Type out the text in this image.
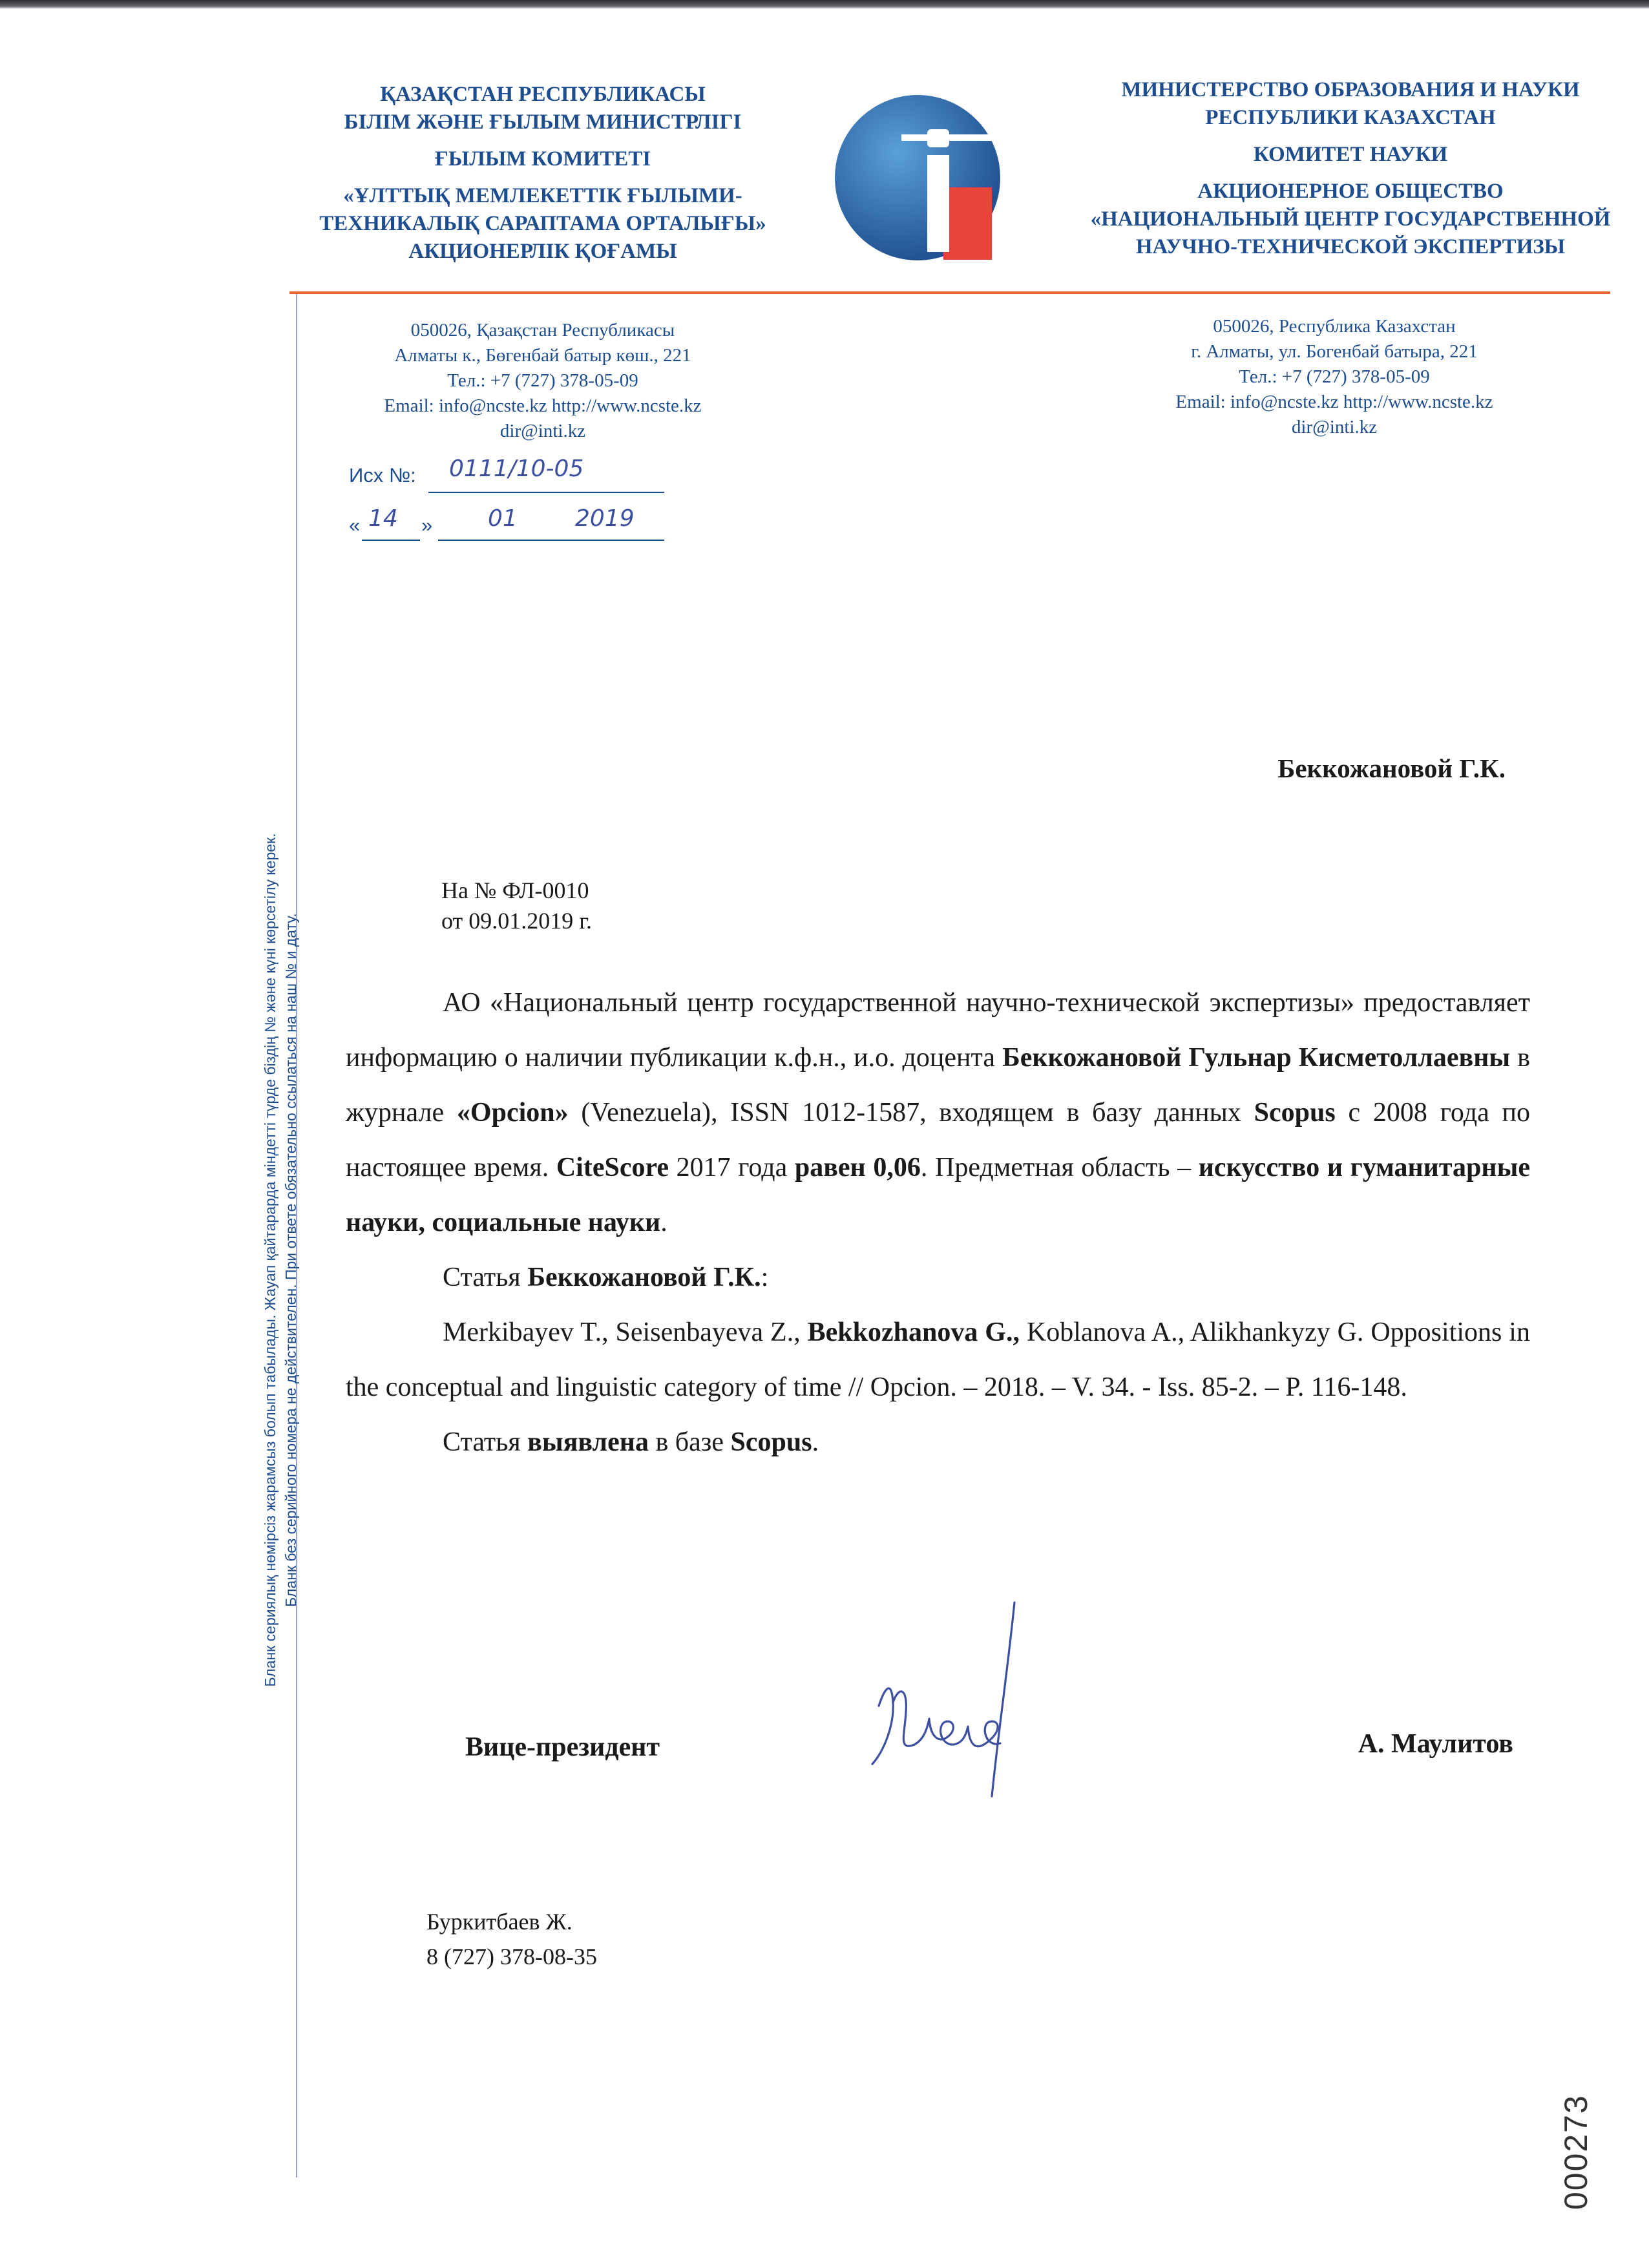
ҚАЗАҚСТАН РЕСПУБЛИКАСЫ
БІЛІМ ЖӘНЕ ҒЫЛЫМ МИНИСТРЛІГІ
ҒЫЛЫМ КОМИТЕТІ
«ҰЛТТЫҚ МЕМЛЕКЕТТІК ҒЫЛЫМИ-
ТЕХНИКАЛЫҚ САРАПТАМА ОРТАЛЫҒЫ»
АКЦИОНЕРЛІК ҚОҒАМЫ
МИНИСТЕРСТВО ОБРАЗОВАНИЯ И НАУКИ
РЕСПУБЛИКИ КАЗАХСТАН
КОМИТЕТ НАУКИ
АКЦИОНЕРНОЕ ОБЩЕСТВО
«НАЦИОНАЛЬНЫЙ ЦЕНТР ГОСУДАРСТВЕННОЙ
НАУЧНО-ТЕХНИЧЕСКОЙ ЭКСПЕРТИЗЫ
050026, Қазақстан Республикасы
Алматы к., Бөгенбай батыр көш., 221
Тел.: +7 (727) 378-05-09
Email: info@ncste.kz http://www.ncste.kz
dir@inti.kz
050026, Республика Казахстан
г. Алматы, ул. Богенбай батыра, 221
Тел.: +7 (727) 378-05-09
Email: info@ncste.kz http://www.ncste.kz
dir@inti.kz
Исх №: 0111/10-05
«	»
14	01 2019
Беккожановой Г.К.
На № ФЛ-0010
от 09.01.2019 г.

АО «Национальный центр государственной научно-технической экспертизы» предоставляет информацию о наличии публикации к.ф.н., и.о. доцента Беккожановой Гульнар Кисметоллаевны в журнале «Opcion» (Venezuela), ISSN 1012-1587, входящем в базу данных Scopus с 2008 года по настоящее время. CiteScore 2017 года равен 0,06. Предметная область – искусство и гуманитарные науки, социальные науки.

Статья Беккожановой Г.К.:

Merkibayev T., Seisenbayeva Z., Bekkozhanova G., Koblanova A., Alikhankyzy G. Oppositions in the conceptual and linguistic category of time // Opcion. – 2018. – V. 34. - Iss. 85-2. – P. 116-148.

Статья выявлена в базе Scopus.

Вице-президент	А. Маулитов
Буркитбаев Ж.
8 (727) 378-08-35
Бланк сериялық нөмірсіз жарамсыз болып табылады. Жауап қайтарарда міндетті түрде біздің № және күні көрсетілу керек. Бланк без серийного номера не действителен. При ответе обязательно ссылаться на наш № и дату.
000273
